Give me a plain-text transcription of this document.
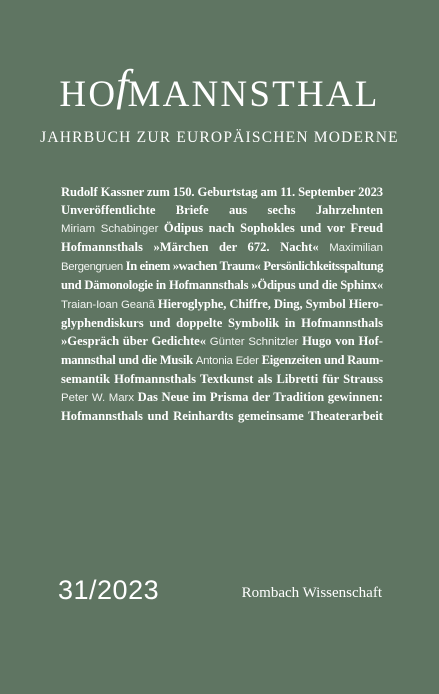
HOfMANNSTHAL
JAHRBUCH ZUR EUROPÄISCHEN MODERNE
Rudolf Kassner zum 150. Geburtstag am 11. September 2023
Unveröffentlichte Briefe aus sechs Jahrzehnten
Miriam Schabinger Ödipus nach Sophokles und vor Freud
Hofmannsthals »Märchen der 672. Nacht« Maximilian
Bergengruen In einem »wachen Traum« Persönlichkeitsspaltung
und Dämonologie in Hofmannsthals »Ödipus und die Sphinx«
Traian-Ioan Geană Hieroglyphe, Chiffre, Ding, Symbol Hiero-
glyphendiskurs und doppelte Symbolik in Hofmannsthals
»Gespräch über Gedichte« Günter Schnitzler Hugo von Hof-
mannsthal und die Musik Antonia Eder Eigenzeiten und Raum-
semantik Hofmannsthals Textkunst als Libretti für Strauss
Peter W. Marx Das Neue im Prisma der Tradition gewinnen:
Hofmannsthals und Reinhardts gemeinsame Theaterarbeit
31/2023	Rombach Wissenschaft
